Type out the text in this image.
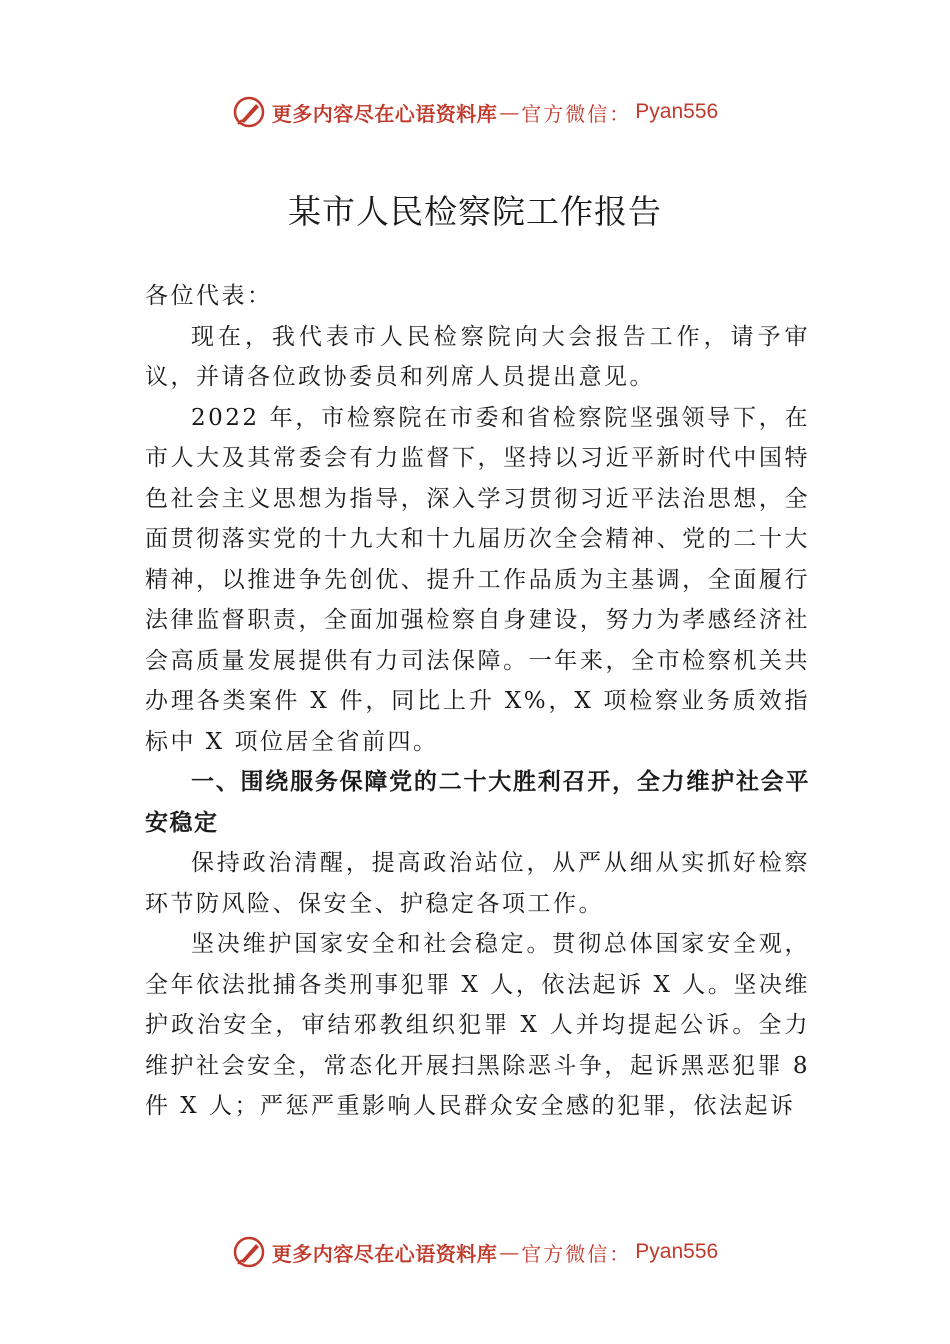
更多内容尽在心语资料库 — 官方微信： Pyan556
某市人民检察院工作报告

各位代表：

现在，我代表市人民检察院向大会报告工作，请予审议，并请各位政协委员和列席人员提出意见。

2022 年，市检察院在市委和省检察院坚强领导下，在市人大及其常委会有力监督下，坚持以习近平新时代中国特色社会主义思想为指导，深入学习贯彻习近平法治思想，全面贯彻落实党的十九大和十九届历次全会精神、党的二十大精神，以推进争先创优、提升工作品质为主基调，全面履行法律监督职责，全面加强检察自身建设，努力为孝感经济社会高质量发展提供有力司法保障。一年来，全市检察机关共办理各类案件 X 件，同比上升 X%，X 项检察业务质效指标中 X 项位居全省前四。

一、围绕服务保障党的二十大胜利召开，全力维护社会平安稳定

保持政治清醒，提高政治站位，从严从细从实抓好检察环节防风险、保安全、护稳定各项工作。

坚决维护国家安全和社会稳定。贯彻总体国家安全观，全年依法批捕各类刑事犯罪 X 人，依法起诉 X 人。坚决维护政治安全，审结邪教组织犯罪 X 人并均提起公诉。全力维护社会安全，常态化开展扫黑除恶斗争，起诉黑恶犯罪 8 件 X 人；严惩严重影响人民群众安全感的犯罪，依法起诉

更多内容尽在心语资料库 — 官方微信： Pyan556
